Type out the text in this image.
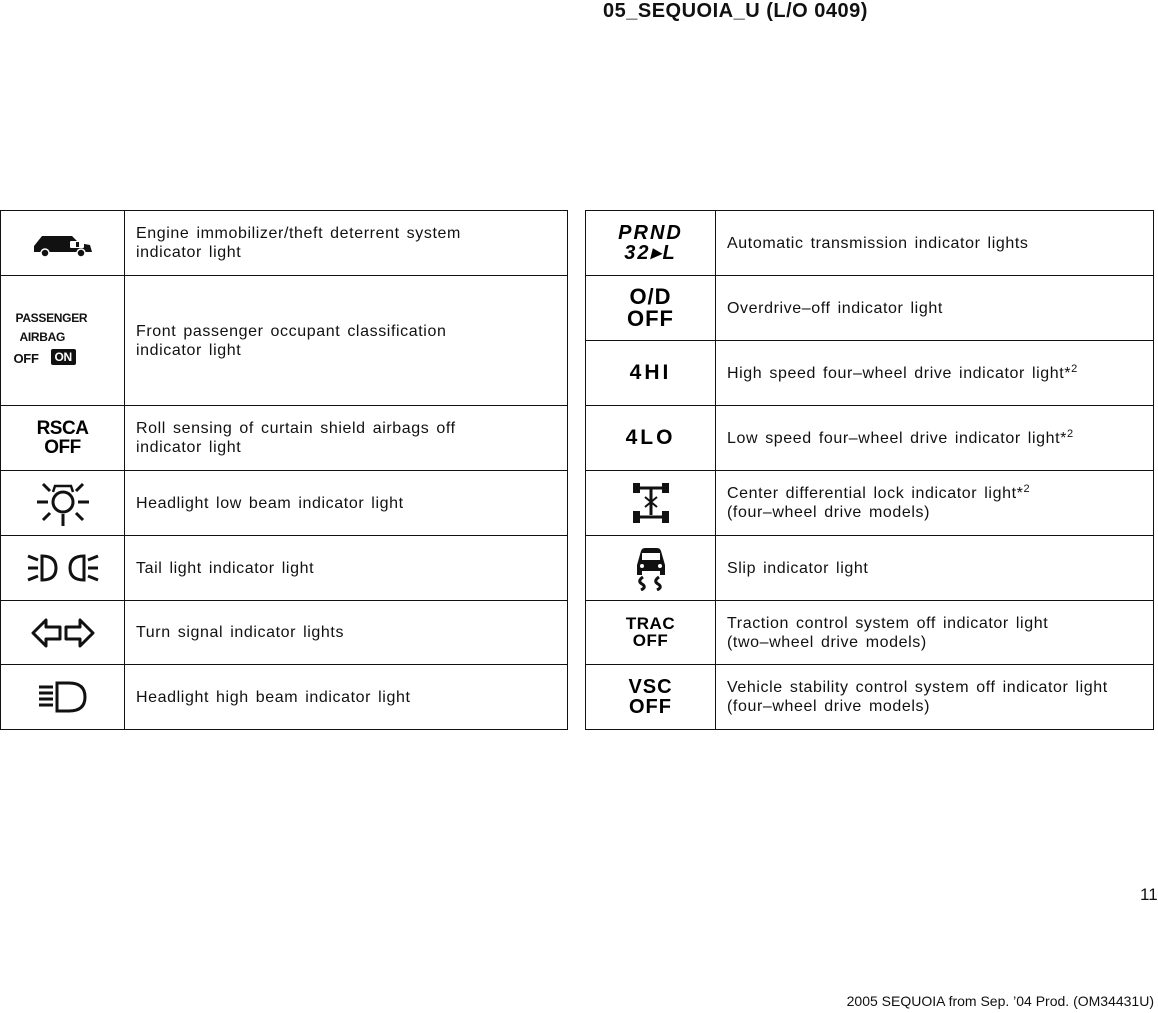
05_SEQUOIA_U (L/O 0409)

Engine immobilizer/theft deterrent system
indicator light

PASSENGER
AIRBAG
OFF ON	Front passenger occupant classification
indicator light

RSCA
OFF	Roll sensing of curtain shield airbags off
indicator light

Headlight low beam indicator light

Tail light indicator light

Turn signal indicator lights

Headlight high beam indicator light
PRND
32▸L	Automatic transmission indicator lights

O/D
OFF	Overdrive–off indicator light

4HI	High speed four–wheel drive indicator light*$^2$

4LO	Low speed four–wheel drive indicator light*$^2$

Center differential lock indicator light*$^2$
(four–wheel drive models)

Slip indicator light

TRAC
OFF	Traction control system off indicator light
(two–wheel drive models)

VSC
OFF	Vehicle stability control system off indicator light
(four–wheel drive models)
11
2005 SEQUOIA from Sep. ’04 Prod. (OM34431U)
